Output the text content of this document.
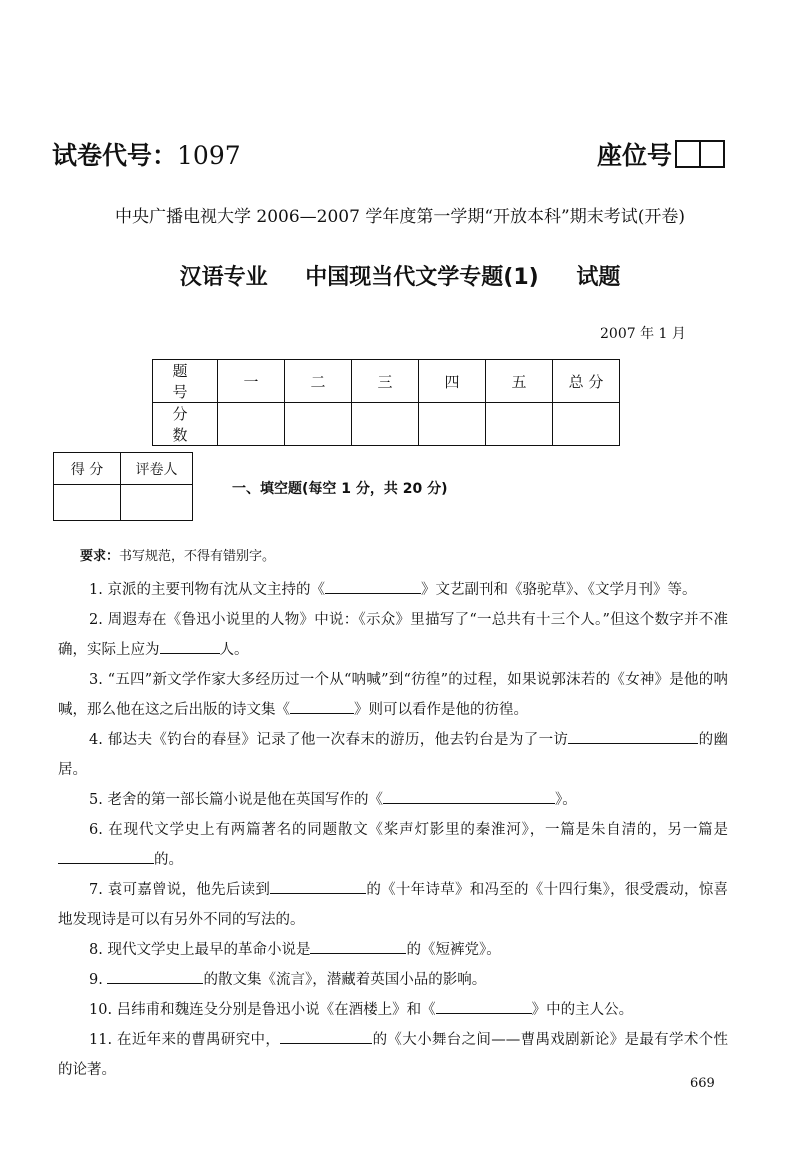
试卷代号：1097	座位号
中央广播电视大学 2006—2007 学年度第一学期“开放本科”期末考试(开卷)
汉语专业 中国现当代文学专题(1) 试题
2007 年 1 月
题 号	一	二	三	四	五	总 分
分 数						
得 分	评卷人

一、填空题(每空 1 分，共 20 分)
要求：书写规范，不得有错别字。

1. 京派的主要刊物有沈从文主持的《	》文艺副刊和《骆驼草》、《文学月刊》等。

2. 周遐寿在《鲁迅小说里的人物》中说：《示众》里描写了“一总共有十三个人。”但这个数字并不准确，实际上应为	人。

3. “五四”新文学作家大多经历过一个从“呐喊”到“彷徨”的过程，如果说郭沫若的《女神》是他的呐喊，那么他在这之后出版的诗文集《	》则可以看作是他的彷徨。

4. 郁达夫《钓台的春昼》记录了他一次春末的游历，他去钓台是为了一访	的幽居。

5. 老舍的第一部长篇小说是他在英国写作的《	》。

6. 在现代文学史上有两篇著名的同题散文《桨声灯影里的秦淮河》，一篇是朱自清的，另一篇是的。

7. 袁可嘉曾说，他先后读到	的《十年诗草》和冯至的《十四行集》，很受震动，惊喜地发现诗是可以有另外不同的写法的。

8. 现代文学史上最早的革命小说是	的《短裤党》。

9.	的散文集《流言》，潜藏着英国小品的影响。

10. 吕纬甫和魏连殳分别是鲁迅小说《在酒楼上》和《	》中的主人公。

11. 在近年来的曹禺研究中，	的《大小舞台之间——曹禺戏剧新论》是最有学术个性的论著。

669
